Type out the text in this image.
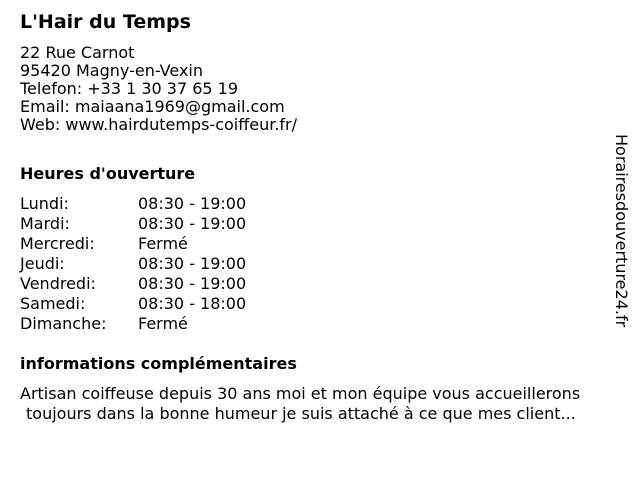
L'Hair du Temps
22 Rue Carnot
95420 Magny-en-Vexin
Telefon: +33 1 30 37 65 19
Email: maiaana1969@gmail.com
Web: www.hairdutemps-coiffeur.fr/
Heures d'ouverture
Lundi:	08:30 - 19:00
Mardi:	08:30 - 19:00
Mercredi:	Fermé
Jeudi:	08:30 - 19:00
Vendredi:	08:30 - 19:00
Samedi:	08:30 - 18:00
Dimanche: Fermé
informations complémentaires
Artisan coiffeuse depuis 30 ans moi et mon équipe vous accueillerons
toujours dans la bonne humeur je suis attaché à ce que mes client...
Horairesdouverture24.fr
